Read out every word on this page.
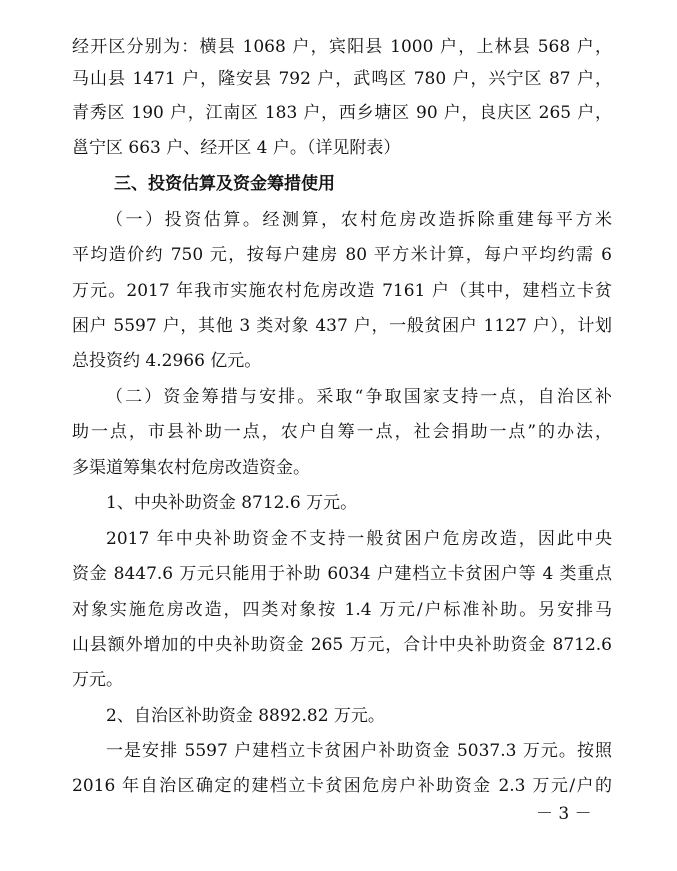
经开区分别为：横县 1068 户，宾阳县 1000 户，上林县 568 户，
马山县 1471 户，隆安县 792 户，武鸣区 780 户，兴宁区 87 户，
青秀区 190 户，江南区 183 户，西乡塘区 90 户，良庆区 265 户，
邕宁区 663 户、经开区 4 户。（详见附表）
三、投资估算及资金筹措使用
（一）投资估算。经测算，农村危房改造拆除重建每平方米
平均造价约 750 元，按每户建房 80 平方米计算，每户平均约需 6
万元。2017 年我市实施农村危房改造 7161 户（其中，建档立卡贫
困户 5597 户，其他 3 类对象 437 户，一般贫困户 1127 户），计划
总投资约 4.2966 亿元。
（二）资金筹措与安排。采取“争取国家支持一点，自治区补
助一点，市县补助一点，农户自筹一点，社会捐助一点”的办法，
多渠道筹集农村危房改造资金。
1、中央补助资金 8712.6 万元。
2017 年中央补助资金不支持一般贫困户危房改造，因此中央
资金 8447.6 万元只能用于补助 6034 户建档立卡贫困户等 4 类重点
对象实施危房改造，四类对象按 1.4 万元/户标准补助。另安排马
山县额外增加的中央补助资金 265 万元，合计中央补助资金 8712.6
万元。
2、自治区补助资金 8892.82 万元。
一是安排 5597 户建档立卡贫困户补助资金 5037.3 万元。按照
2016 年自治区确定的建档立卡贫困危房户补助资金 2.3 万元/户的
－ 3 －
